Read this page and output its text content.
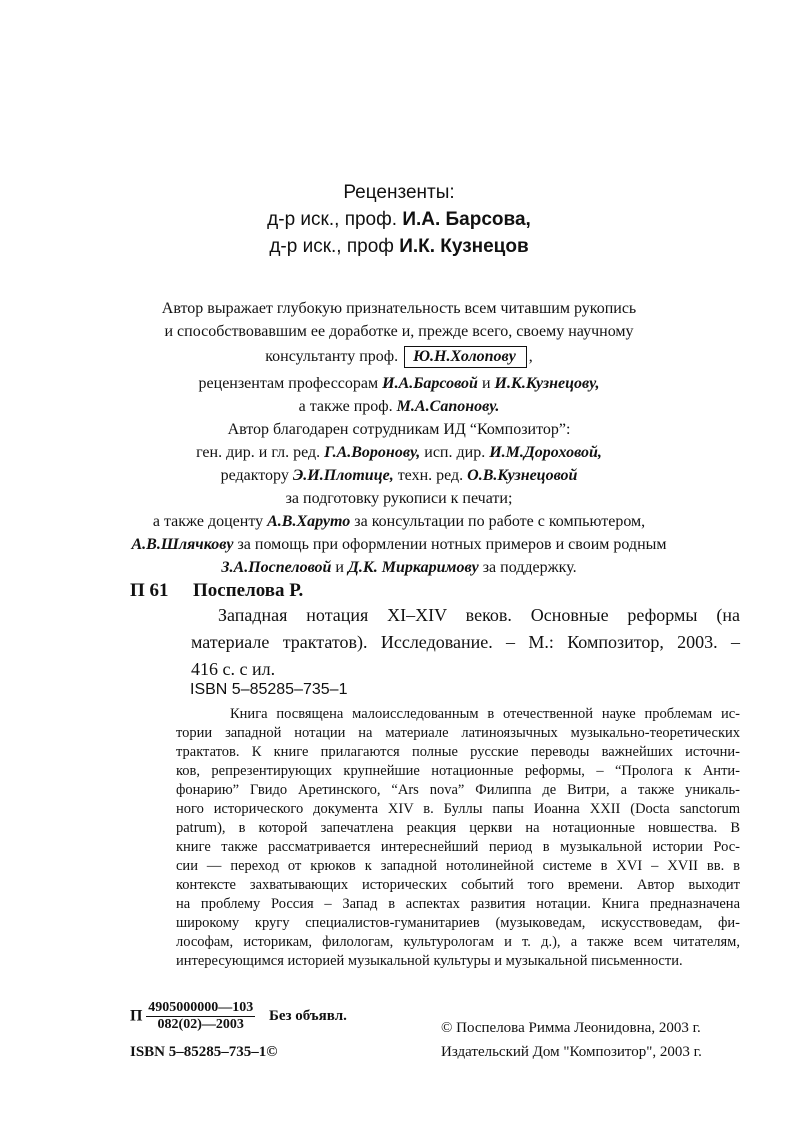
Рецензенты:
д-р иск., проф. И.А. Барсова,
д-р иск., проф И.К. Кузнецов
Автор выражает глубокую признательность всем читавшим рукопись
и способствовавшим ее доработке и, прежде всего, своему научному
консультанту проф. Ю.Н.Холопову ,
рецензентам профессорам И.А.Барсовой и И.К.Кузнецову,
а также проф. М.А.Сапонову.
Автор благодарен сотрудникам ИД “Композитор”:
ген. дир. и гл. ред. Г.А.Воронову, исп. дир. И.М.Дороховой,
редактору Э.И.Плотице, техн. ред. О.В.Кузнецовой
за подготовку рукописи к печати;
а также доценту А.В.Харуто за консультации по работе с компьютером,
А.В.Шлячкову за помощь при оформлении нотных примеров и своим родным
З.А.Поспеловой и Д.К. Миркаримову за поддержку.
П 61 Поспелова Р.
Западная нотация XI–XIV веков. Основные реформы (на
материале трактатов). Исследование. – М.: Композитор, 2003. –
416 с. с ил.
ISBN 5–85285–735–1
Книга посвящена малоисследованным в отечественной науке проблемам ис-
тории западной нотации на материале латиноязычных музыкально-теоретических
трактатов. К книге прилагаются полные русские переводы важнейших источни-
ков, репрезентирующих крупнейшие нотационные реформы, – “Пролога к Анти-
фонарию” Гвидо Аретинского, “Ars nova” Филиппа де Витри, а также уникаль-
ного исторического документа XIV в. Буллы папы Иоанна XXII (Docta sanctorum
patrum), в которой запечатлена реакция церкви на нотационные новшества. В
книге также рассматривается интереснейший период в музыкальной истории Рос-
сии — переход от крюков к западной нотолинейной системе в XVI – XVII вв. в
контексте захватывающих исторических событий того времени. Автор выходит
на проблему Россия – Запад в аспектах развития нотации. Книга предназначена
широкому кругу специалистов-гуманитариев (музыковедам, искусствоведам, фи-
лософам, историкам, филологам, культурологам и т. д.), а также всем читателям,
интересующимся историей музыкальной культуры и музыкальной письменности.
П $\frac{4905000000—103}{082(02)—2003}$ Без объявл.
© Поспелова Римма Леонидовна, 2003 г.
ISBN 5–85285–735–1©	Издательский Дом "Композитор", 2003 г.
